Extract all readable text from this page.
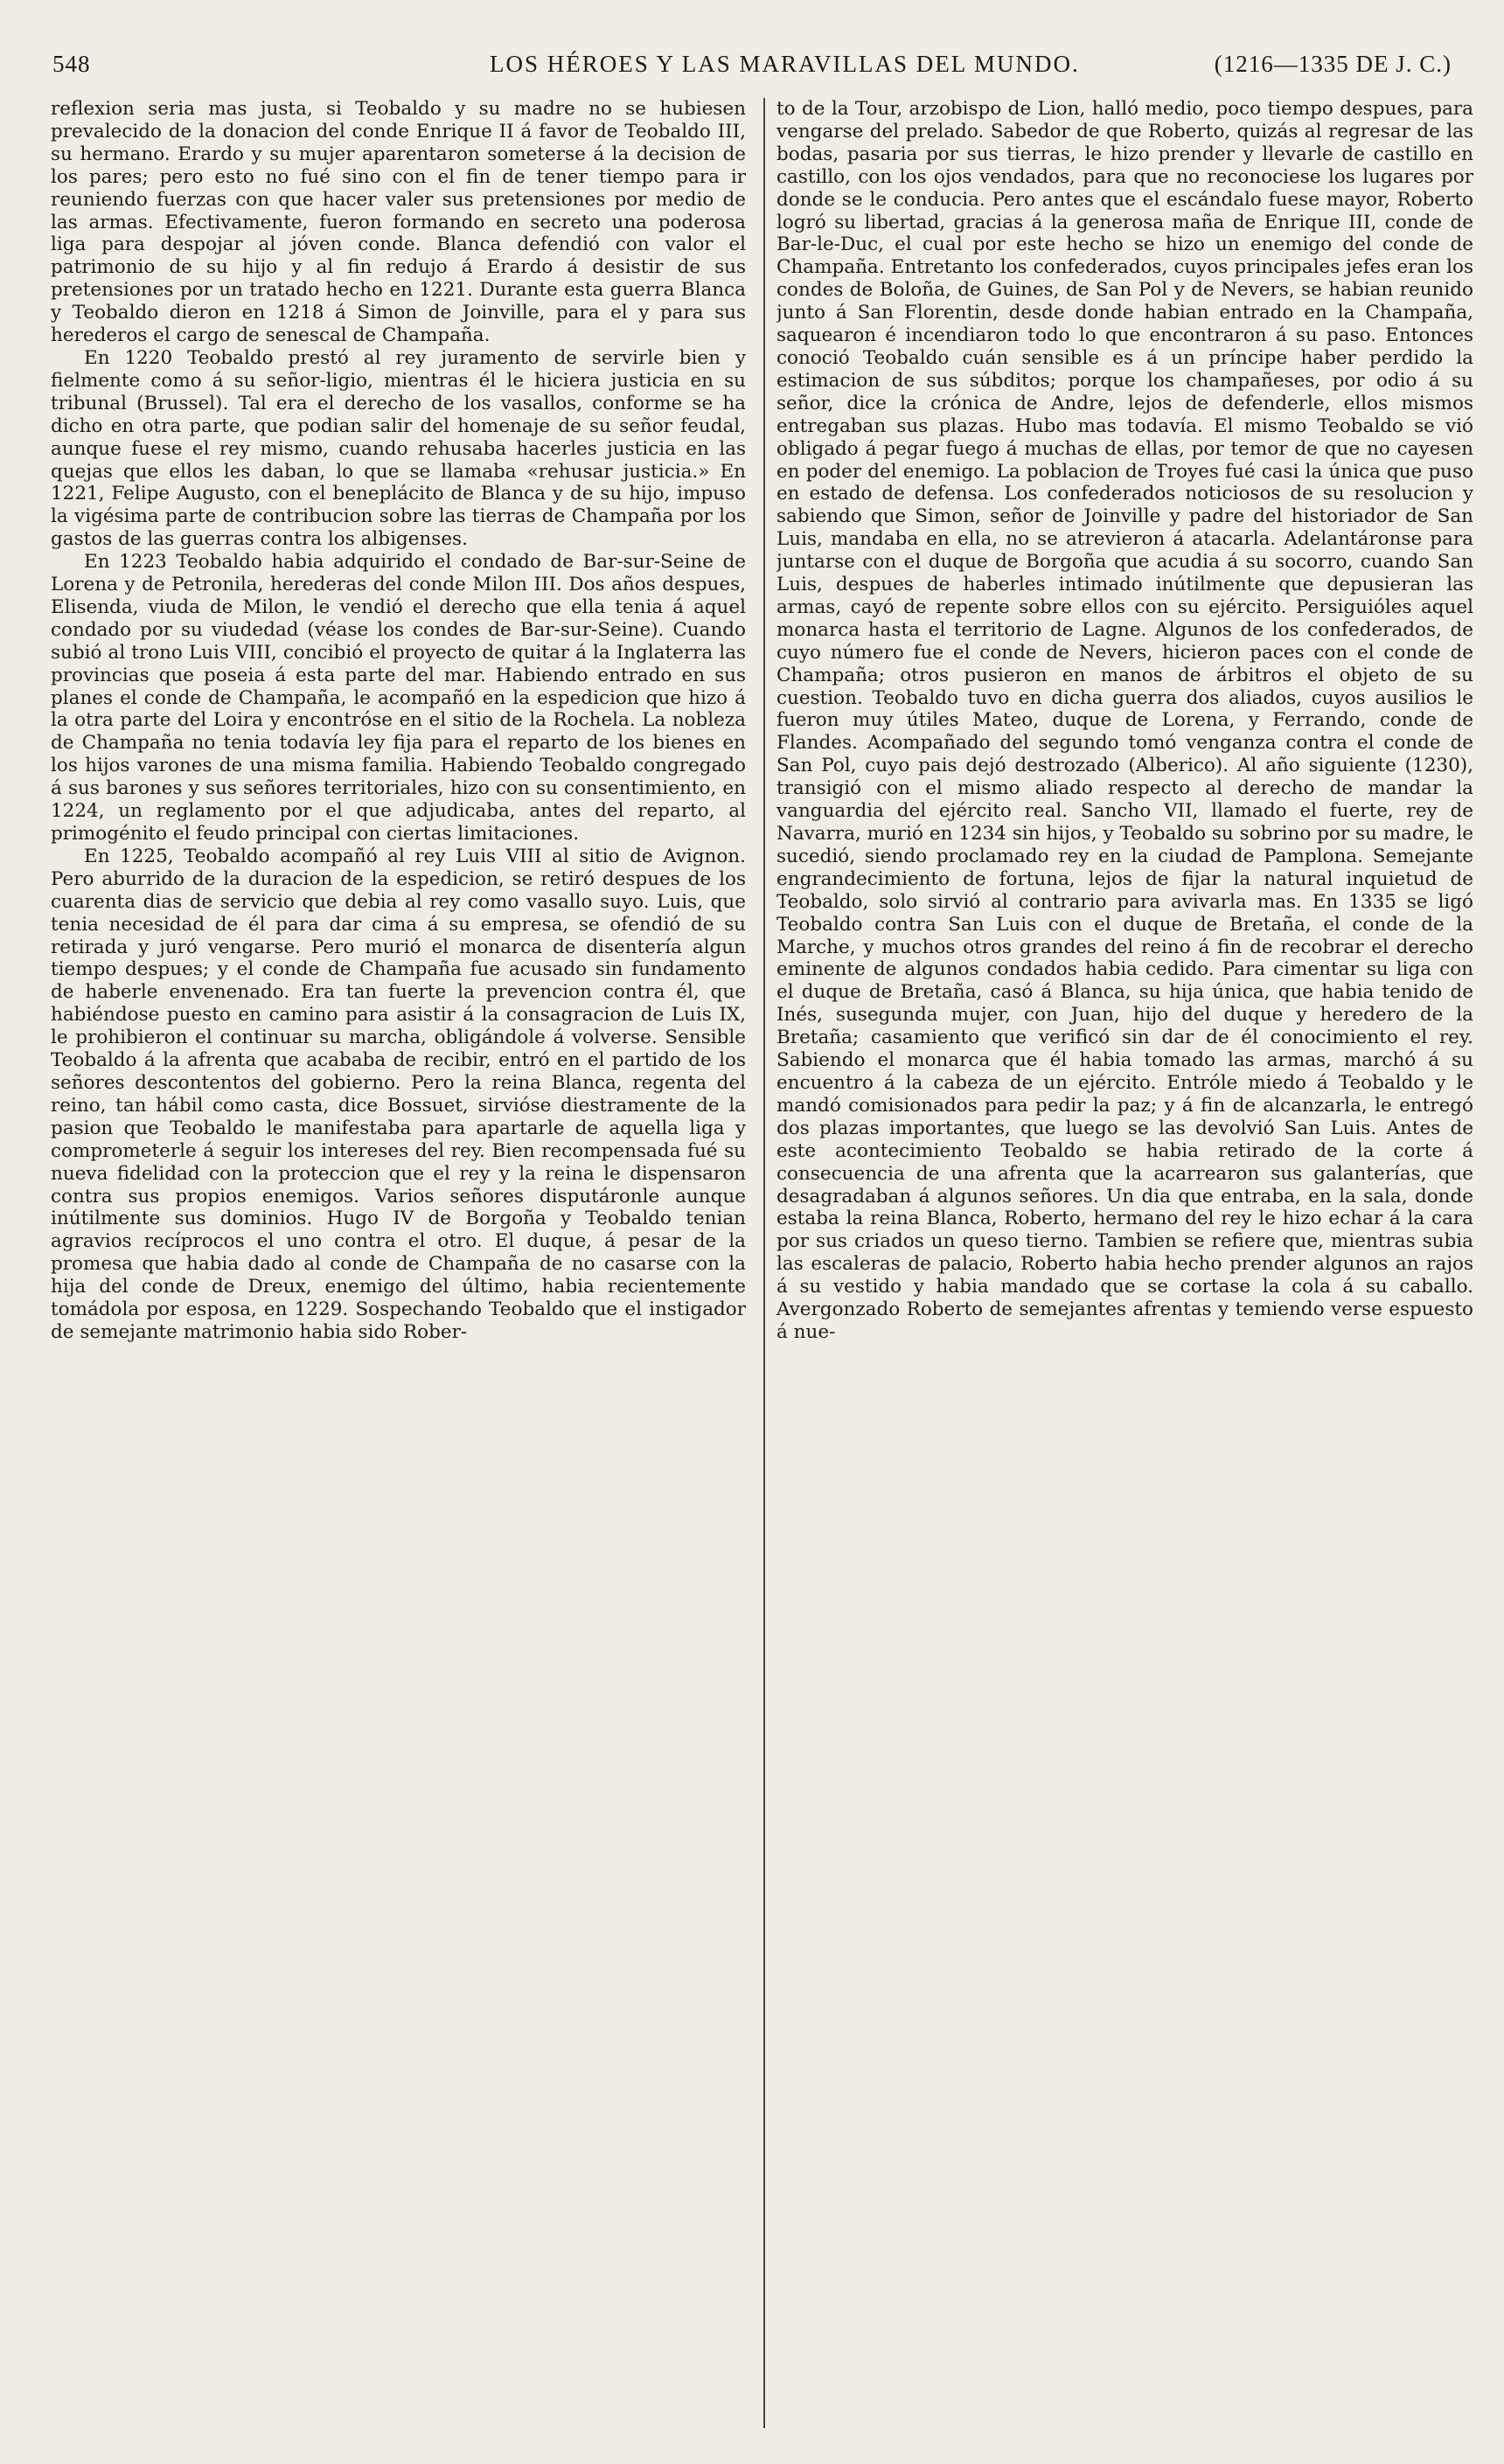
548	LOS HÉROES Y LAS MARAVILLAS DEL MUNDO.	(1216—1335 DE J. C.)

reflexion seria mas justa, si Teobaldo y su madre no se hubiesen prevalecido de la donacion del conde Enrique II á favor de Teobaldo III, su hermano. Erardo y su mujer aparentaron someterse á la decision de los pares; pero esto no fué sino con el fin de tener tiempo para ir reuniendo fuerzas con que hacer valer sus pretensiones por medio de las armas. Efectivamente, fueron formando en secreto una poderosa liga para despojar al jóven conde. Blanca defendió con valor el patrimonio de su hijo y al fin redujo á Erardo á desistir de sus pretensiones por un tratado hecho en 1221. Durante esta guerra Blanca y Teobaldo dieron en 1218 á Simon de Joinville, para el y para sus herederos el cargo de senescal de Champaña.

En 1220 Teobaldo prestó al rey juramento de servirle bien y fielmente como á su señor-ligio, mientras él le hiciera justicia en su tribunal (Brussel). Tal era el derecho de los vasallos, conforme se ha dicho en otra parte, que podian salir del homenaje de su señor feudal, aunque fuese el rey mismo, cuando rehusaba hacerles justicia en las quejas que ellos les daban, lo que se llamaba «rehusar justicia.» En 1221, Felipe Augusto, con el beneplácito de Blanca y de su hijo, impuso la vigésima parte de contribucion sobre las tierras de Champaña por los gastos de las guerras contra los albigenses.

En 1223 Teobaldo habia adquirido el condado de Bar-sur-Seine de Lorena y de Petronila, herederas del conde Milon III. Dos años despues, Elisenda, viuda de Milon, le vendió el derecho que ella tenia á aquel condado por su viudedad (véase los condes de Bar-sur-Seine). Cuando subió al trono Luis VIII, concibió el proyecto de quitar á la Inglaterra las provincias que poseia á esta parte del mar. Habiendo entrado en sus planes el conde de Champaña, le acompañó en la espedicion que hizo á la otra parte del Loira y encontróse en el sitio de la Rochela. La nobleza de Champaña no tenia todavía ley fija para el reparto de los bienes en los hijos varones de una misma familia. Habiendo Teobaldo congregado á sus barones y sus señores territoriales, hizo con su consentimiento, en 1224, un reglamento por el que adjudicaba, antes del reparto, al primogénito el feudo principal con ciertas limitaciones.

En 1225, Teobaldo acompañó al rey Luis VIII al sitio de Avignon. Pero aburrido de la duracion de la espedicion, se retiró despues de los cuarenta dias de servicio que debia al rey como vasallo suyo. Luis, que tenia necesidad de él para dar cima á su empresa, se ofendió de su retirada y juró vengarse. Pero murió el monarca de disentería algun tiempo despues; y el conde de Champaña fue acusado sin fundamento de haberle envenenado. Era tan fuerte la prevencion contra él, que habiéndose puesto en camino para asistir á la consagracion de Luis IX, le prohibieron el continuar su marcha, obligándole á volverse. Sensible Teobaldo á la afrenta que acababa de recibir, entró en el partido de los señores descontentos del gobierno. Pero la reina Blanca, regenta del reino, tan hábil como casta, dice Bossuet, sirvióse diestramente de la pasion que Teobaldo le manifestaba para apartarle de aquella liga y comprometerle á seguir los intereses del rey. Bien recompensada fué su nueva fidelidad con la proteccion que el rey y la reina le dispensaron contra sus propios enemigos. Varios señores disputáronle aunque inútilmente sus dominios. Hugo IV de Borgoña y Teobaldo tenian agravios recíprocos el uno contra el otro. El duque, á pesar de la promesa que habia dado al conde de Champaña de no casarse con la hija del conde de Dreux, enemigo del último, habia recientemente tomádola por esposa, en 1229. Sospechando Teobaldo que el instigador de semejante matrimonio habia sido Rober-

to de la Tour, arzobispo de Lion, halló medio, poco tiempo despues, para vengarse del prelado. Sabedor de que Roberto, quizás al regresar de las bodas, pasaria por sus tierras, le hizo prender y llevarle de castillo en castillo, con los ojos vendados, para que no reconociese los lugares por donde se le conducia. Pero antes que el escándalo fuese mayor, Roberto logró su libertad, gracias á la generosa maña de Enrique III, conde de Bar-le-Duc, el cual por este hecho se hizo un enemigo del conde de Champaña. Entretanto los confederados, cuyos principales jefes eran los condes de Boloña, de Guines, de San Pol y de Nevers, se habian reunido junto á San Florentin, desde donde habian entrado en la Champaña, saquearon é incendiaron todo lo que encontraron á su paso. Entonces conoció Teobaldo cuán sensible es á un príncipe haber perdido la estimacion de sus súbditos; porque los champañeses, por odio á su señor, dice la crónica de Andre, lejos de defenderle, ellos mismos entregaban sus plazas. Hubo mas todavía. El mismo Teobaldo se vió obligado á pegar fuego á muchas de ellas, por temor de que no cayesen en poder del enemigo. La poblacion de Troyes fué casi la única que puso en estado de defensa. Los confederados noticiosos de su resolucion y sabiendo que Simon, señor de Joinville y padre del historiador de San Luis, mandaba en ella, no se atrevieron á atacarla. Adelantáronse para juntarse con el duque de Borgoña que acudia á su socorro, cuando San Luis, despues de haberles intimado inútilmente que depusieran las armas, cayó de repente sobre ellos con su ejército. Persiguióles aquel monarca hasta el territorio de Lagne. Algunos de los confederados, de cuyo número fue el conde de Nevers, hicieron paces con el conde de Champaña; otros pusieron en manos de árbitros el objeto de su cuestion. Teobaldo tuvo en dicha guerra dos aliados, cuyos ausilios le fueron muy útiles Mateo, duque de Lorena, y Ferrando, conde de Flandes. Acompañado del segundo tomó venganza contra el conde de San Pol, cuyo pais dejó destrozado (Alberico). Al año siguiente (1230), transigió con el mismo aliado respecto al derecho de mandar la vanguardia del ejército real. Sancho VII, llamado el fuerte, rey de Navarra, murió en 1234 sin hijos, y Teobaldo su sobrino por su madre, le sucedió, siendo proclamado rey en la ciudad de Pamplona. Semejante engrandecimiento de fortuna, lejos de fijar la natural inquietud de Teobaldo, solo sirvió al contrario para avivarla mas. En 1335 se ligó Teobaldo contra San Luis con el duque de Bretaña, el conde de la Marche, y muchos otros grandes del reino á fin de recobrar el derecho eminente de algunos condados habia cedido. Para cimentar su liga con el duque de Bretaña, casó á Blanca, su hija única, que habia tenido de Inés, susegunda mujer, con Juan, hijo del duque y heredero de la Bretaña; casamiento que verificó sin dar de él conocimiento el rey. Sabiendo el monarca que él habia tomado las armas, marchó á su encuentro á la cabeza de un ejército. Entróle miedo á Teobaldo y le mandó comisionados para pedir la paz; y á fin de alcanzarla, le entregó dos plazas importantes, que luego se las devolvió San Luis. Antes de este acontecimiento Teobaldo se habia retirado de la corte á consecuencia de una afrenta que la acarrearon sus galanterías, que desagradaban á algunos señores. Un dia que entraba, en la sala, donde estaba la reina Blanca, Roberto, hermano del rey le hizo echar á la cara por sus criados un queso tierno. Tambien se refiere que, mientras subia las escaleras de palacio, Roberto habia hecho prender algunos an rajos á su vestido y habia mandado que se cortase la cola á su caballo. Avergonzado Roberto de semejantes afrentas y temiendo verse espuesto á nue-
